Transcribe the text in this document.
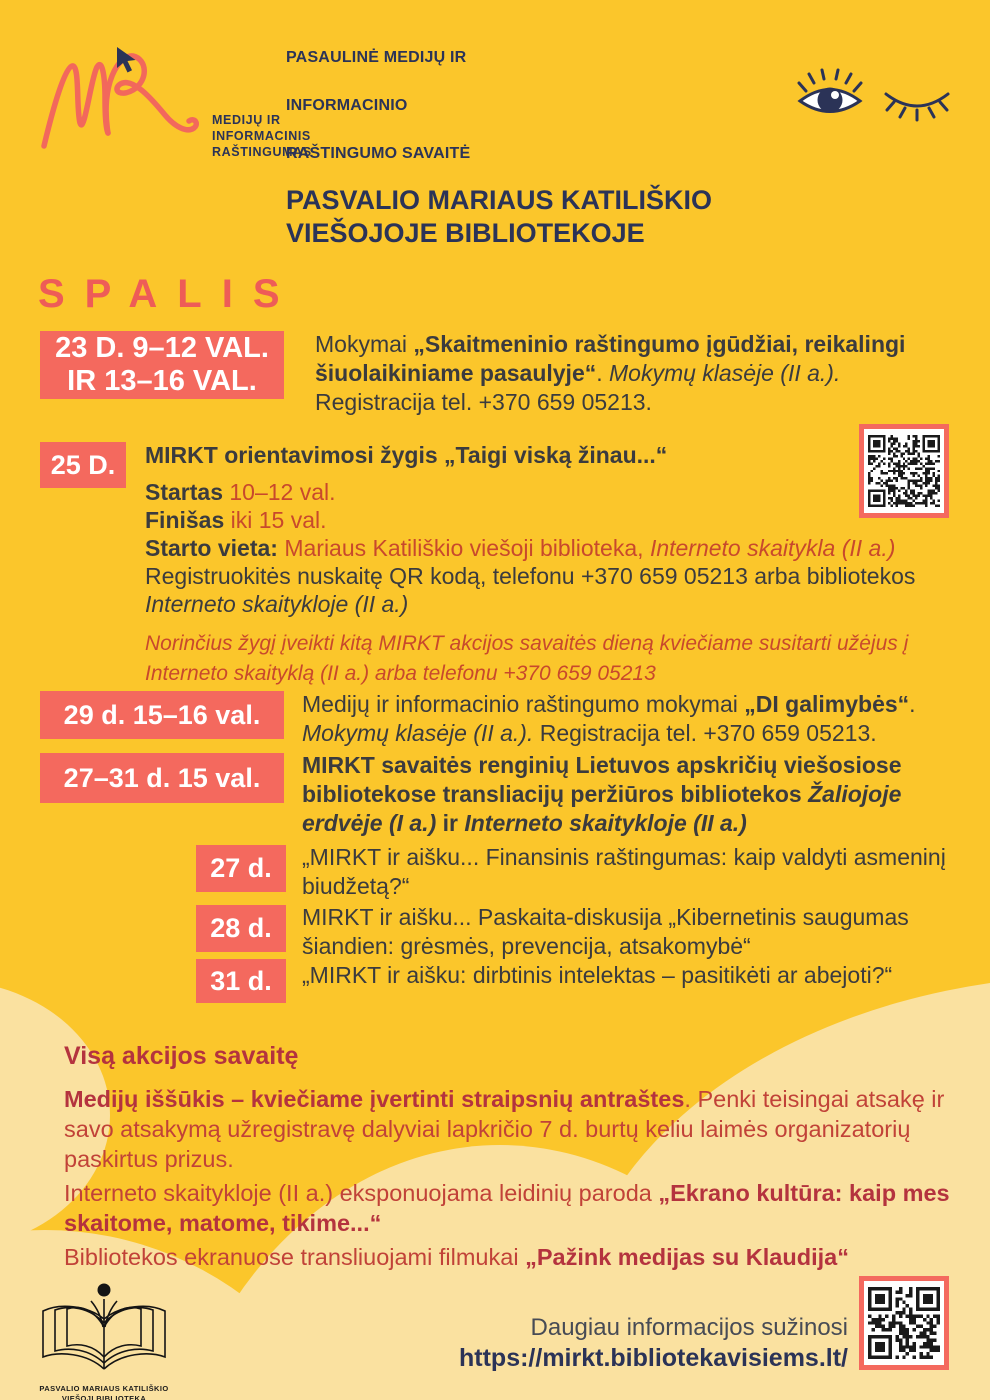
MEDIJŲ IR
INFORMACINIS
RAŠTINGUMAS
PASAULINĖ MEDIJŲ IR
INFORMACINIO
RAŠTINGUMO SAVAITĖ
PASVALIO MARIAUS KATILIŠKIO
VIEŠOJOJE BIBLIOTEKOJE
SPALIS
23 D. 9–12 VAL.
IR 13–16 VAL.

Mokymai „Skaitmeninio raštingumo įgūdžiai, reikalingi šiuolaikiniame pasaulyje“. Mokymų klasėje (II a.). Registracija tel. +370 659 05213.

25 D. MIRKT orientavimosi žygis „Taigi viską žinau...“
Startas 10–12 val.
Finišas iki 15 val.
Starto vieta: Mariaus Katiliškio viešoji biblioteka, Interneto skaitykla (II a.)

Registruokitės nuskaitę QR kodą, telefonu +370 659 05213 arba bibliotekos Interneto skaitykloje (II a.)

Norinčius žygį įveikti kitą MIRKT akcijos savaitės dieną kviečiame susitarti užėjus į Interneto skaityklą (II a.) arba telefonu +370 659 05213

29 d. 15–16 val. Medijų ir informacinio raštingumo mokymai „DI galimybės“. Mokymų klasėje (II a.). Registracija tel. +370 659 05213.

27–31 d. 15 val. MIRKT savaitės renginių Lietuvos apskričių viešosiose bibliotekose transliacijų peržiūros bibliotekos Žaliojoje erdvėje (I a.) ir Interneto skaitykloje (II a.)

27 d. „MIRKT ir aišku... Finansinis raštingumas: kaip valdyti asmeninį biudžetą?“

28 d. MIRKT ir aišku... Paskaita-diskusija „Kibernetinis saugumas šiandien: grėsmės, prevencija, atsakomybė“

31 d. „MIRKT ir aišku: dirbtinis intelektas – pasitikėti ar abejoti?“

Visą akcijos savaitę

Medijų iššūkis – kviečiame įvertinti straipsnių antraštes. Penki teisingai atsakę ir savo atsakymą užregistravę dalyviai lapkričio 7 d. burtų keliu laimės organizatorių paskirtus prizus.

Interneto skaitykloje (II a.) eksponuojama leidinių paroda „Ekrano kultūra: kaip mes skaitome, matome, tikime...“

Bibliotekos ekranuose transliuojami filmukai „Pažink medijas su Klaudija“

PASVALIO MARIAUS KATILIŠKIO
VIEŠOJI BIBLIOTEKA
Daugiau informacijos sužinosi
https://mirkt.bibliotekavisiems.lt/
